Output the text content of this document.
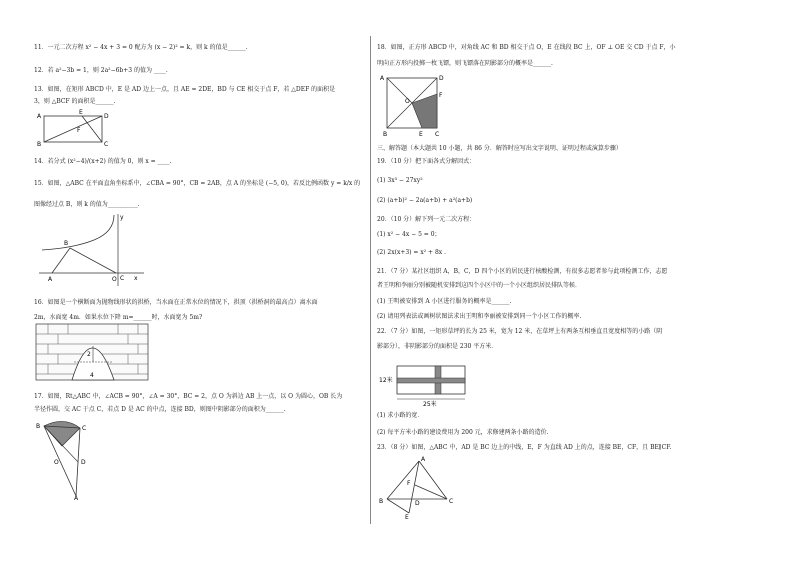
11．一元二次方程 x² − 4x + 3 = 0 配方为 (x − 2)² = k，则 k 的值是______.
12．若 a²−3b = 1，则 2a²−6b+3 的值为 ____.
13．如图，在矩形 ABCD 中，E 是 AD 边上一点，且 AE = 2DE，BD 与 CE 相交于点 F，若 △DEF 的面积是
3，则 △BCF 的面积是______.
A
B	C
D
E
F
14．若分式 (x²−4)/(x+2) 的值为 0，则 x = ____.
15．如图，△ABC 在平面直角坐标系中，∠CBA = 90°，CB = 2AB，点 A 的坐标是 (−5, 0)，若反比例函数 y = k/x 的
图像经过点 B，则 k 的值为__________.
y
x
B
A	O C
16．如图是一个横断面为抛物线形状的拱桥，当水面在正常水位的情况下，拱顶（拱桥洞的最高点）离水面
2m，水面宽 4m．如果水位下降 m=______时，水面宽为 5m?
2
4
17．如图，Rt△ABC 中，∠ACB = 90°，∠A = 30°，BC = 2，点 O 为斜边 AB 上一点，以 O 为圆心，OB 长为
半径作圆，交 AC 于点 C，若点 D 是 AC 的中点，连接 BD，则图中阴影部分的面积为______.
B	C
D
O
A
18．如图，正方形 ABCD 中，对角线 AC 和 BD 相交于点 O，E 在线段 BC 上，OF ⊥ OE 交 CD 于点 F，小
明向正方形内投掷一枚飞镖，则飞镖落在阴影部分的概率是______.
A	D
O
F
B	E C
三、解答题（本大题共 10 小题，共 86 分．解答时应写出文字说明、证明过程或演算步骤）
19．（10 分）把下面各式分解因式：
(1) 3x³ − 27xy²
(2) (a+b)² − 2a(a+b) + a²(a+b)
20．（10 分）解下列一元二次方程：
(1) x² − 4x − 5 = 0；
(2) 2x(x+3) = x² + 8x .
21．（7 分）某社区组织 A，B，C，D 四个小区的居民进行核酸检测，有很多志愿者参与此项检测工作，志愿
者王明和李丽分别被随机安排到这四个小区中的一个小区组织居民排队等候．
(1) 王明被安排到 A 小区进行服务的概率是______.
(2) 请用列表法或画树状图法求出王明和李丽被安排到同一个小区工作的概率.
22．（7 分）如图，一矩形草坪的长为 25 米，宽为 12 米，在草坪上有两条互相垂直且宽度相等的小路（阴
影部分），非阴影部分的面积是 230 平方米．
12米
25米
(1) 求小路的宽．
(2) 每平方米小路的建设费用为 200 元，求修建两条小路的造价.
23．（8 分）如图，△ABC 中，AD 是 BC 边上的中线，E，F 为直线 AD 上的点，连接 BE，CF，且 BE∥CF.
A
F
B	D	C
E
